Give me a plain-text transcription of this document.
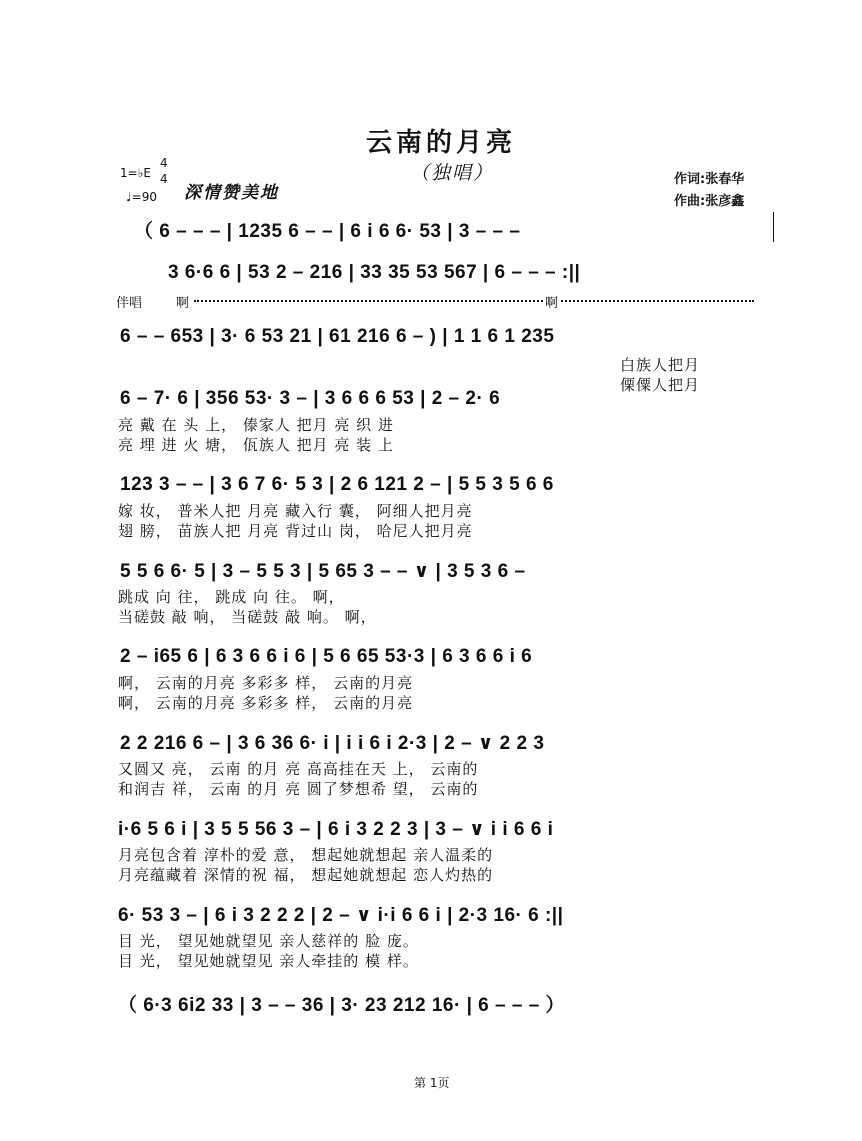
云南的月亮
（独唱）
1=♭E
4
4
♩=90 深情赞美地
作词:张春华
作曲:张彦鑫
（ 6 – – – | 1235 6 – – | 6 i 6 6· 53 | 3 – – –
3 6·6 6 | 53 2 – 216 | 33 35 53 567 | 6 – – – :||
伴唱	啊	啊
6 – – 653 | 3· 6 53 21 | 61 216 6 – ) | 1 1 6 1 235
白族人把月
傈僳人把月
6 – 7· 6 | 356 53· 3 – | 3 6 6 6 53 | 2 – 2· 6
亮 戴 在 头 上， 傣家人 把月 亮 织 进
亮 埋 进 火 塘， 佤族人 把月 亮 装 上
123 3 – – | 3 6 7 6· 5 3 | 2 6 121 2 – | 5 5 3 5 6 6
嫁 妆， 普米人把 月亮 藏入行 囊， 阿细人把月亮
翅 膀， 苗族人把 月亮 背过山 岗， 哈尼人把月亮
5 5 6 6· 5 | 3 – 5 5 3 | 5 65 3 – – ∨ | 3 5 3 6 –
跳成 向 往， 跳成 向 往。 啊，
当磋鼓 敲 响， 当磋鼓 敲 响。 啊，
2 – i65 6 | 6 3 6 6 i 6 | 5 6 65 53·3 | 6 3 6 6 i 6
啊， 云南的月亮 多彩多 样， 云南的月亮
啊， 云南的月亮 多彩多 样， 云南的月亮
2 2 216 6 – | 3 6 36 6· i | i i 6 i 2·3 | 2 – ∨ 2 2 3
又圆又 亮， 云南 的月 亮 高高挂在天 上， 云南的
和润吉 祥， 云南 的月 亮 圆了梦想希 望， 云南的
i·6 5 6 i | 3 5 5 56 3 – | 6 i 3 2 2 3 | 3 – ∨ i i 6 6 i
月亮包含着 淳朴的爱 意， 想起她就想起 亲人温柔的
月亮蕴藏着 深情的祝 福， 想起她就想起 恋人灼热的
6· 53 3 – | 6 i 3 2 2 2 | 2 – ∨ i·i 6 6 i | 2·3 16· 6 :||
目 光， 望见她就望见 亲人慈祥的 脸 庞。
目 光， 望见她就望见 亲人牵挂的 模 样。
（ 6·3 6i2 33 | 3 – – 36 | 3· 23 212 16· | 6 – – – ）
第 1页
